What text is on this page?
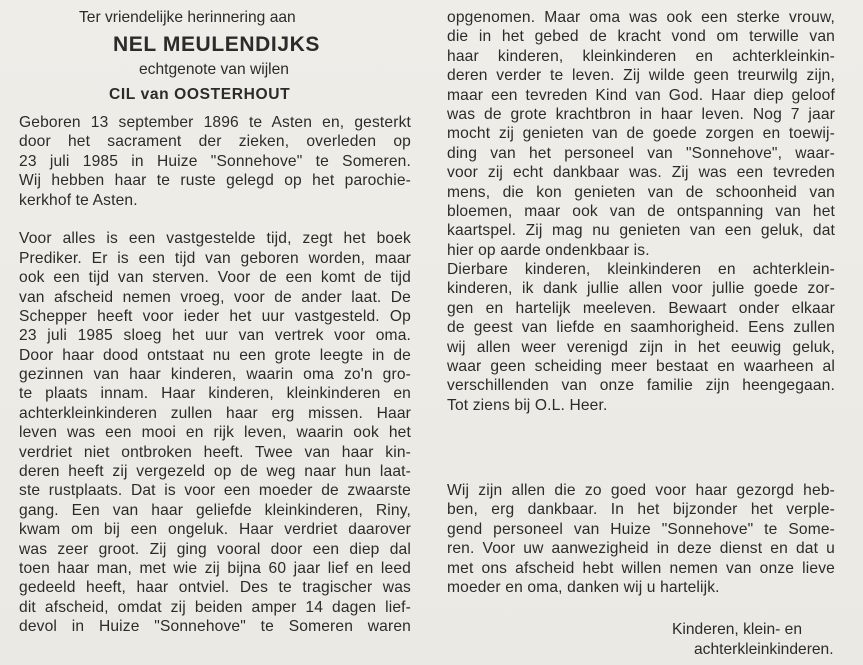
Ter vriendelijke herinnering aan
NEL MEULENDIJKS
echtgenote van wijlen
CIL van OOSTERHOUT
Geboren 13 september 1896 te Asten en, gesterkt
door het sacrament der zieken, overleden op
23 juli 1985 in Huize "Sonnehove" te Someren.
Wij hebben haar te ruste gelegd op het parochie-
kerkhof te Asten.
Voor alles is een vastgestelde tijd, zegt het boek
Prediker. Er is een tijd van geboren worden, maar
ook een tijd van sterven. Voor de een komt de tijd
van afscheid nemen vroeg, voor de ander laat. De
Schepper heeft voor ieder het uur vastgesteld. Op
23 juli 1985 sloeg het uur van vertrek voor oma.
Door haar dood ontstaat nu een grote leegte in de
gezinnen van haar kinderen, waarin oma zo'n gro-
te plaats innam. Haar kinderen, kleinkinderen en
achterkleinkinderen zullen haar erg missen. Haar
leven was een mooi en rijk leven, waarin ook het
verdriet niet ontbroken heeft. Twee van haar kin-
deren heeft zij vergezeld op de weg naar hun laat-
ste rustplaats. Dat is voor een moeder de zwaarste
gang. Een van haar geliefde kleinkinderen, Riny,
kwam om bij een ongeluk. Haar verdriet daarover
was zeer groot. Zij ging vooral door een diep dal
toen haar man, met wie zij bijna 60 jaar lief en leed
gedeeld heeft, haar ontviel. Des te tragischer was
dit afscheid, omdat zij beiden amper 14 dagen lief-
devol in Huize "Sonnehove" te Someren waren
opgenomen. Maar oma was ook een sterke vrouw,
die in het gebed de kracht vond om terwille van
haar kinderen, kleinkinderen en achterkleinkin-
deren verder te leven. Zij wilde geen treurwilg zijn,
maar een tevreden Kind van God. Haar diep geloof
was de grote krachtbron in haar leven. Nog 7 jaar
mocht zij genieten van de goede zorgen en toewij-
ding van het personeel van "Sonnehove", waar-
voor zij echt dankbaar was. Zij was een tevreden
mens, die kon genieten van de schoonheid van
bloemen, maar ook van de ontspanning van het
kaartspel. Zij mag nu genieten van een geluk, dat
hier op aarde ondenkbaar is.
Dierbare kinderen, kleinkinderen en achterklein-
kinderen, ik dank jullie allen voor jullie goede zor-
gen en hartelijk meeleven. Bewaart onder elkaar
de geest van liefde en saamhorigheid. Eens zullen
wij allen weer verenigd zijn in het eeuwig geluk,
waar geen scheiding meer bestaat en waarheen al
verschillenden van onze familie zijn heengegaan.
Tot ziens bij O.L. Heer.
Wij zijn allen die zo goed voor haar gezorgd heb-
ben, erg dankbaar. In het bijzonder het verple-
gend personeel van Huize "Sonnehove" te Some-
ren. Voor uw aanwezigheid in deze dienst en dat u
met ons afscheid hebt willen nemen van onze lieve
moeder en oma, danken wij u hartelijk.
Kinderen, klein- en
achterkleinkinderen.
